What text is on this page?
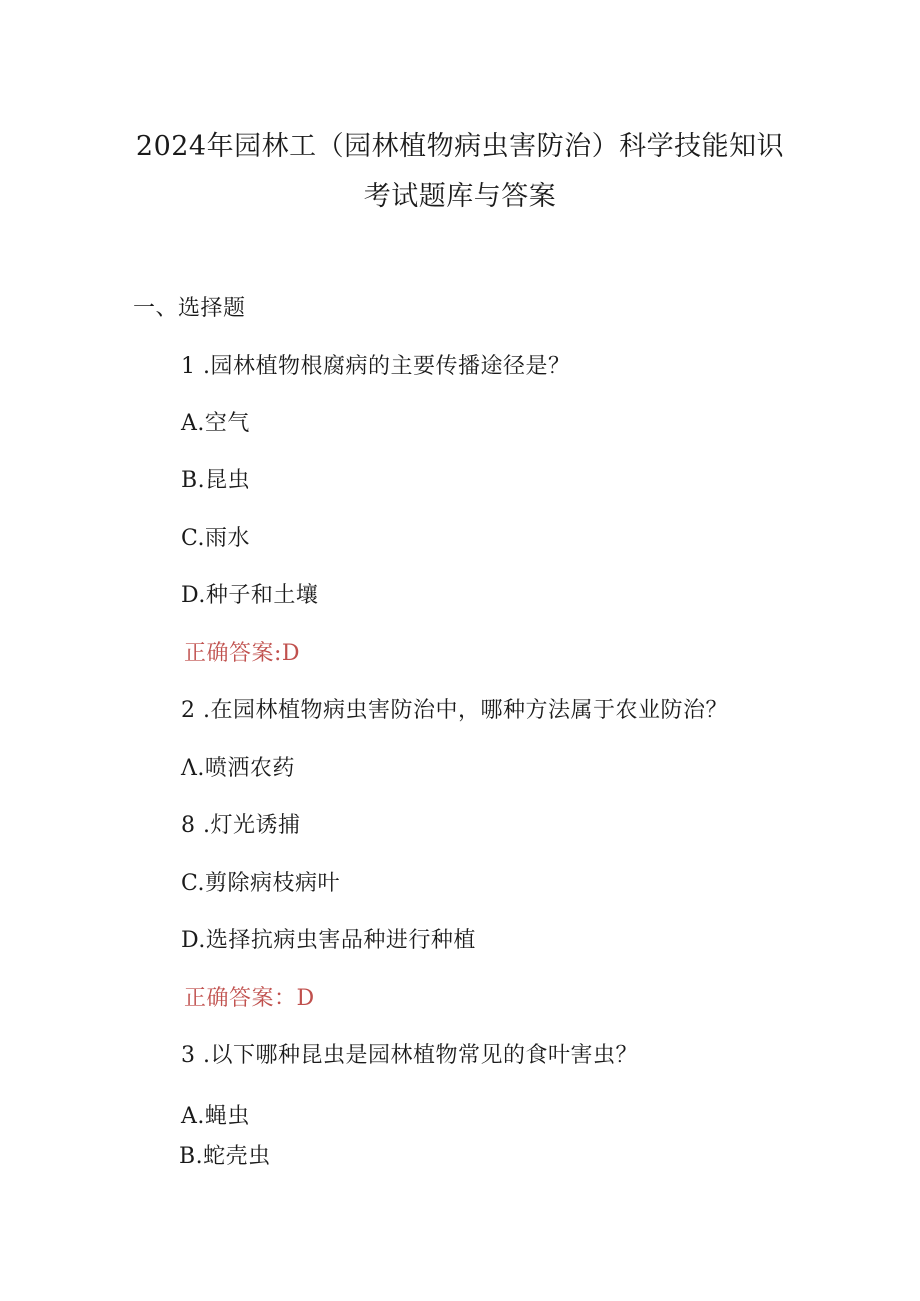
2024年园林工（园林植物病虫害防治）科学技能知识
考试题库与答案
一、选择题
1 .园林植物根腐病的主要传播途径是？
A.空气
B.昆虫
C.雨水
D.种子和土壤
正确答案:D
2 .在园林植物病虫害防治中，哪种方法属于农业防治？
Λ.喷洒农药
8 .灯光诱捕
C.剪除病枝病叶
D.选择抗病虫害品种进行种植
正确答案：D
3 .以下哪种昆虫是园林植物常见的食叶害虫？
A.蝇虫
B.蛇壳虫
